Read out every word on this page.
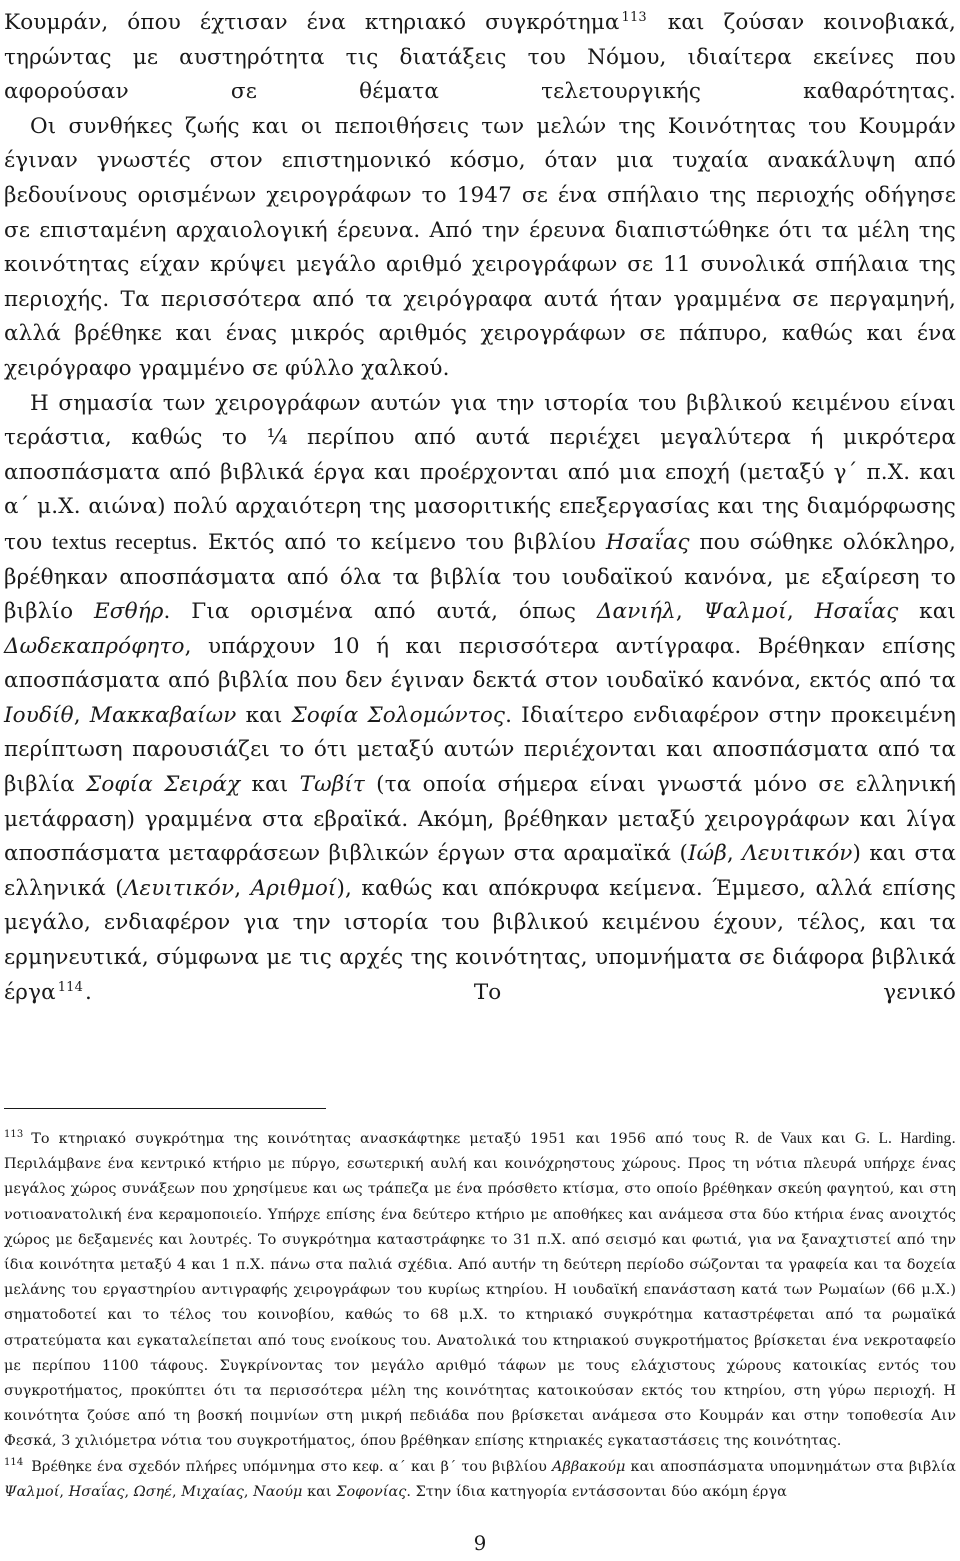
Κουμράν, όπου έχτισαν ένα κτηριακό συγκρότημα $^{113}$ και ζούσαν κοινοβιακά, τηρώντας με αυστηρότητα τις διατάξεις του Νόμου, ιδιαίτερα εκείνες που αφορούσαν σε θέματα τελετουργικής καθαρότητας.

Οι συνθήκες ζωής και οι πεποιθήσεις των μελών της Κοινότητας του Κουμράν έγιναν γνωστές στον επιστημονικό κόσμο, όταν μια τυχαία ανακάλυψη από βεδουίνους ορισμένων χειρογράφων το 1947 σε ένα σπήλαιο της περιοχής οδήγησε σε επισταμένη αρχαιολογική έρευνα. Από την έρευνα διαπιστώθηκε ότι τα μέλη της κοινότητας είχαν κρύψει μεγάλο αριθμό χειρογράφων σε 11 συνολικά σπήλαια της περιοχής. Τα περισσότερα από τα χειρόγραφα αυτά ήταν γραμμένα σε περγαμηνή, αλλά βρέθηκε και ένας μικρός αριθμός χειρογράφων σε πάπυρο, καθώς και ένα χειρόγραφο γραμμένο σε φύλλο χαλκού.

Η σημασία των χειρογράφων αυτών για την ιστορία του βιβλικού κειμένου είναι τεράστια, καθώς το ¼ περίπου από αυτά περιέχει μεγαλύτερα ή μικρότερα αποσπάσματα από βιβλικά έργα και προέρχονται από μια εποχή (μεταξύ γ΄ π.Χ. και α΄ μ.Χ. αιώνα) πολύ αρχαιότερη της μασοριτικής επεξεργασίας και της διαμόρφωσης του textus receptus. Εκτός από το κείμενο του βιβλίου Ησαΐας που σώθηκε ολόκληρο, βρέθηκαν αποσπάσματα από όλα τα βιβλία του ιουδαϊκού κανόνα, με εξαίρεση το βιβλίο Εσθήρ. Για ορισμένα από αυτά, όπως Δανιήλ, Ψαλμοί, Ησαΐας και Δωδεκαπρόφητο, υπάρχουν 10 ή και περισσότερα αντίγραφα. Βρέθηκαν επίσης αποσπάσματα από βιβλία που δεν έγιναν δεκτά στον ιουδαϊκό κανόνα, εκτός από τα Ιουδίθ, Μακκαβαίων και Σοφία Σολομώντος. Ιδιαίτερο ενδιαφέρον στην προκειμένη περίπτωση παρουσιάζει το ότι μεταξύ αυτών περιέχονται και αποσπάσματα από τα βιβλία Σοφία Σειράχ και Τωβίτ (τα οποία σήμερα είναι γνωστά μόνο σε ελληνική μετάφραση) γραμμένα στα εβραϊκά. Ακόμη, βρέθηκαν μεταξύ χειρογράφων και λίγα αποσπάσματα μεταφράσεων βιβλικών έργων στα αραμαϊκά (Ιώβ, Λευιτικόν) και στα ελληνικά (Λευιτικόν, Αριθμοί), καθώς και απόκρυφα κείμενα. Έμμεσο, αλλά επίσης μεγάλο, ενδιαφέρον για την ιστορία του βιβλικού κειμένου έχουν, τέλος, και τα ερμηνευτικά, σύμφωνα με τις αρχές της κοινότητας, υπομνήματα σε διάφορα βιβλικά έργα $^{114}$. Το γενικό

$^{113}$ Το κτηριακό συγκρότημα της κοινότητας ανασκάφτηκε μεταξύ 1951 και 1956 από τους R. de Vaux και G. L. Harding. Περιλάμβανε ένα κεντρικό κτήριο με πύργο, εσωτερική αυλή και κοινόχρηστους χώρους. Προς τη νότια πλευρά υπήρχε ένας μεγάλος χώρος συνάξεων που χρησίμευε και ως τράπεζα με ένα πρόσθετο κτίσμα, στο οποίο βρέθηκαν σκεύη φαγητού, και στη νοτιοανατολική ένα κεραμοποιείο. Υπήρχε επίσης ένα δεύτερο κτήριο με αποθήκες και ανάμεσα στα δύο κτήρια ένας ανοιχτός χώρος με δεξαμενές και λουτρές. Το συγκρότημα καταστράφηκε το 31 π.Χ. από σεισμό και φωτιά, για να ξαναχτιστεί από την ίδια κοινότητα μεταξύ 4 και 1 π.Χ. πάνω στα παλιά σχέδια. Από αυτήν τη δεύτερη περίοδο σώζονται τα γραφεία και τα δοχεία μελάνης του εργαστηρίου αντιγραφής χειρογράφων του κυρίως κτηρίου. Η ιουδαϊκή επανάσταση κατά των Ρωμαίων (66 μ.Χ.) σηματοδοτεί και το τέλος του κοινοβίου, καθώς το 68 μ.Χ. το κτηριακό συγκρότημα καταστρέφεται από τα ρωμαϊκά στρατεύματα και εγκαταλείπεται από τους ενοίκους του. Ανατολικά του κτηριακού συγκροτήματος βρίσκεται ένα νεκροταφείο με περίπου 1100 τάφους. Συγκρίνοντας τον μεγάλο αριθμό τάφων με τους ελάχιστους χώρους κατοικίας εντός του συγκροτήματος, προκύπτει ότι τα περισσότερα μέλη της κοινότητας κατοικούσαν εκτός του κτηρίου, στη γύρω περιοχή. Η κοινότητα ζούσε από τη βοσκή ποιμνίων στη μικρή πεδιάδα που βρίσκεται ανάμεσα στο Κουμράν και στην τοποθεσία Αιν Φεσκά, 3 χιλιόμετρα νότια του συγκροτήματος, όπου βρέθηκαν επίσης κτηριακές εγκαταστάσεις της κοινότητας.

$^{114}$ Βρέθηκε ένα σχεδόν πλήρες υπόμνημα στο κεφ. α΄ και β΄ του βιβλίου Αββακούμ και αποσπάσματα υπομνημάτων στα βιβλία Ψαλμοί, Ησαΐας, Ωσηέ, Μιχαίας, Ναούμ και Σοφονίας. Στην ίδια κατηγορία εντάσσονται δύο ακόμη έργα

9
